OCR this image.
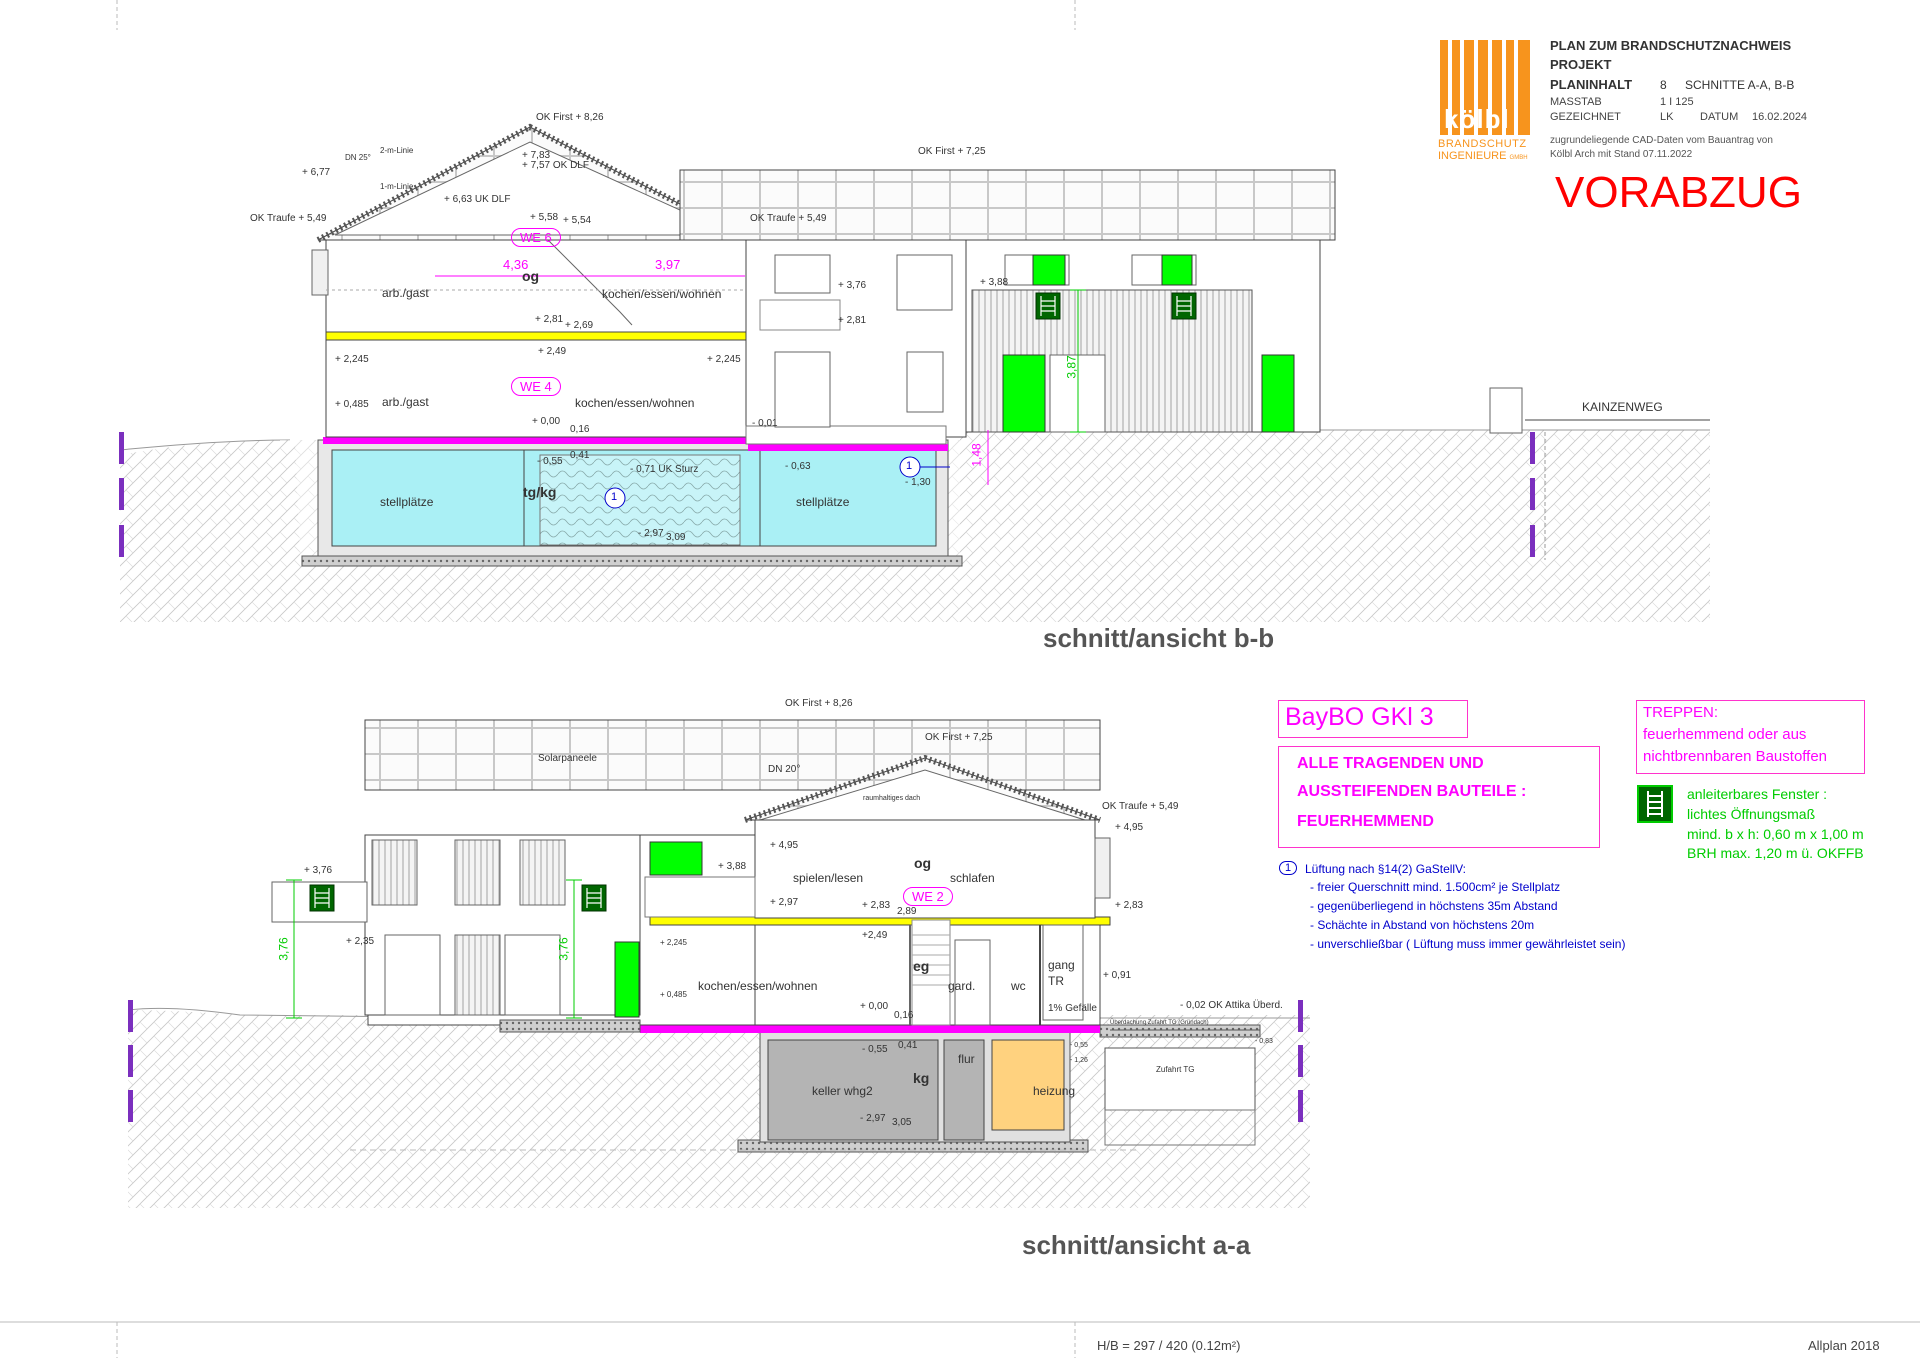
kölbl
BRANDSCHUTZ
INGENIEURE GMBH
PLAN ZUM BRANDSCHUTZNACHWEIS
PROJEKT
PLANINHALT 8 SCHNITTE A-A, B-B
MASSTAB	1 I 125
GEZEICHNET	LK DATUM 16.02.2024
zugrundeliegende CAD-Daten vom Bauantrag von
Kölbl Arch mit Stand 07.11.2022
VORABZUG
schnitt/ansicht b-b
OK First + 8,26
OK First + 7,25
OK Traufe + 5,49	OK Traufe + 5,49
+ 7,83
+ 7,57 OK DLF
+ 6,77
+ 6,63 UK DLF
+ 5,58 + 5,54
DN 25°
2-m-Linie
1-m-Linie
WE 6
WE 4
4,36	3,97
og
arb./gast
arb./gast
kochen/essen/wohnen
kochen/essen/wohnen
+ 2,81
+ 2,69
+ 2,49
+ 2,245	+ 2,245
+ 0,485
+ 0,00
0,16
- 0,01
+ 3,76
+ 2,81
+ 3,88
3,87
1,48
KAINZENWEG
- 0,55
0,41
- 0,71 UK Sturz	- 0,63
- 1,30
stellplätze	stellplätze
tg/kg
- 2,97 3,09
1
1
schnitt/ansicht a-a
OK First + 8,26
OK First + 7,25
OK Traufe + 5,49
Solarpaneele
DN 20°
raumhaltiges dach
+ 4,95
+ 4,95
+ 3,76	+ 3,88
+ 2,97	+ 2,83	+ 2,83
2,89
+2,49
+ 2,35	+ 2,245
+ 0,485
+ 0,91
+ 0,00
0,16
- 0,02 OK Attika Überd.
- 0,55 0,41	- 0,55
- 1,26
- 0,83
- 2,97 3,05
3,76	3,76
og
eg
kg
spielen/lesen	schlafen
WE 2
kochen/essen/wohnen	gard.	wc
gang
TR
1% Gefälle
Überdachung Zufahrt TG (Gründach)
Zufahrt TG
keller whg2
flur
heizung
BayBO GKl 3
ALLE TRAGENDEN UND
AUSSTEIFENDEN BAUTEILE :
FEUERHEMMEND
TREPPEN:
feuerhemmend oder aus
nichtbrennbaren Baustoffen
anleiterbares Fenster :
lichtes Öffnungsmaß
mind. b x h: 0,60 m x 1,00 m
BRH max. 1,20 m ü. OKFFB
1	Lüftung nach §14(2) GaStellV:
- freier Querschnitt mind. 1.500cm² je Stellplatz
- gegenüberliegend in höchstens 35m Abstand
- Schächte in Abstand von höchstens 20m
- unverschließbar ( Lüftung muss immer gewährleistet sein)
H/B = 297 / 420 (0.12m²)	Allplan 2018
